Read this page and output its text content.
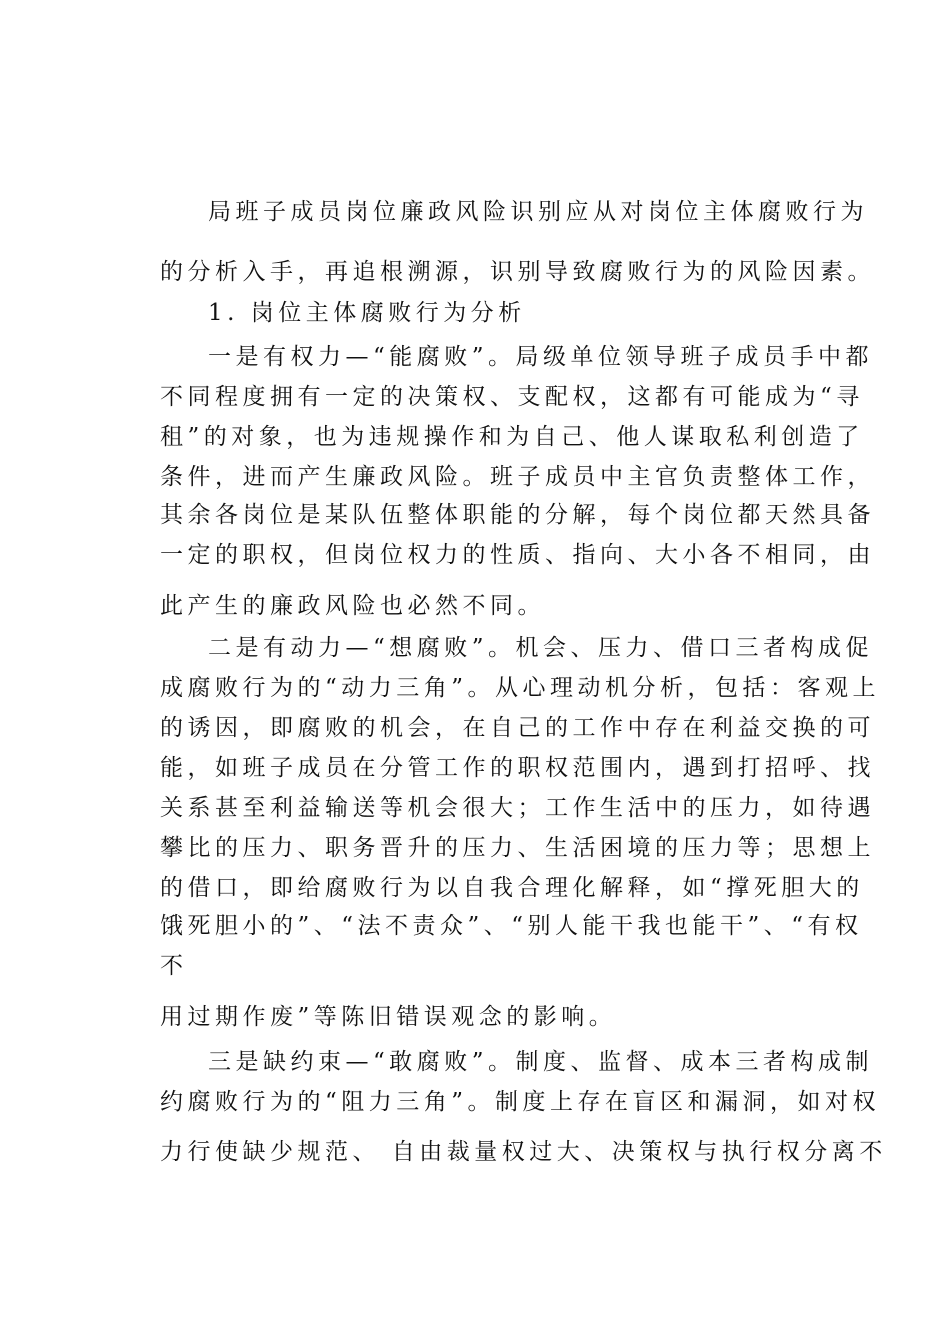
局班子成员岗位廉政风险识别应从对岗位主体腐败行为
的分析入手，再追根溯源，识别导致腐败行为的风险因素。
1. 岗位主体腐败行为分析
一是有权力—“能腐败”。局级单位领导班子成员手中都
不同程度拥有一定的决策权、支配权，这都有可能成为“寻
租”的对象，也为违规操作和为自己、他人谋取私利创造了
条件，进而产生廉政风险。班子成员中主官负责整体工作，
其余各岗位是某队伍整体职能的分解，每个岗位都天然具备
一定的职权，但岗位权力的性质、指向、大小各不相同，由
此产生的廉政风险也必然不同。
二是有动力—“想腐败”。机会、压力、借口三者构成促
成腐败行为的“动力三角”。从心理动机分析，包括：客观上
的诱因，即腐败的机会，在自己的工作中存在利益交换的可
能，如班子成员在分管工作的职权范围内，遇到打招呼、找
关系甚至利益输送等机会很大；工作生活中的压力，如待遇
攀比的压力、职务晋升的压力、生活困境的压力等；思想上
的借口，即给腐败行为以自我合理化解释，如“撑死胆大的
饿死胆小的”、“法不责众”、“别人能干我也能干”、“有权
不
用过期作废”等陈旧错误观念的影响。
三是缺约束—“敢腐败”。制度、监督、成本三者构成制
约腐败行为的“阻力三角”。制度上存在盲区和漏洞，如对权
力行使缺少规范、 自由裁量权过大、决策权与执行权分离不
